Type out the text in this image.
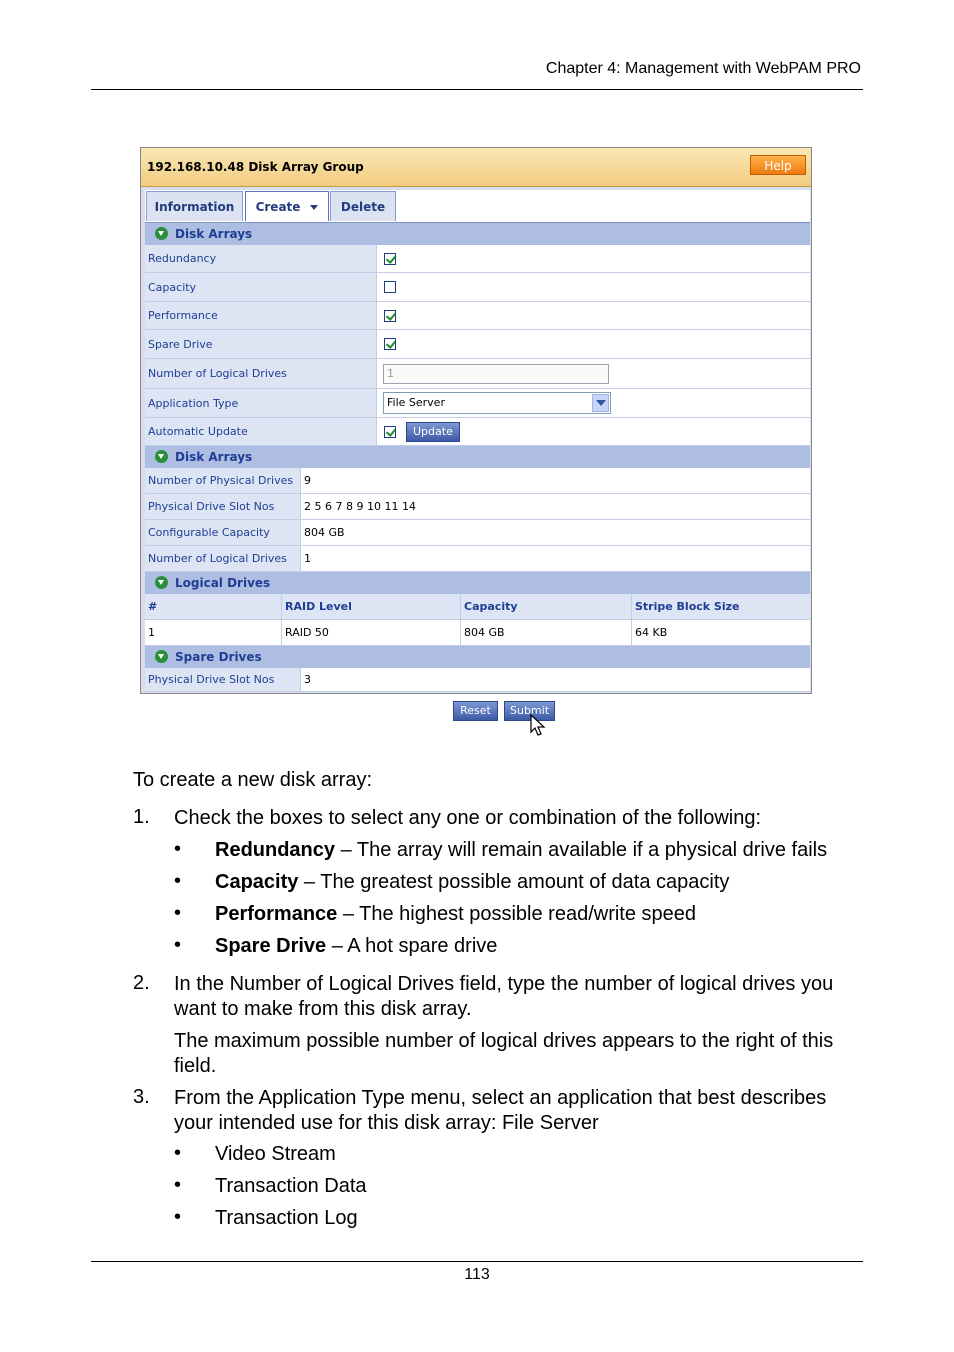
Chapter 4: Management with WebPAM PRO
192.168.10.48 Disk Array Group	Help
Information	Create	Delete
Disk Arrays
Redundancy
Capacity
Performance
Spare Drive
Number of Logical Drives	1
Application Type	File Server
Automatic Update	Update
Disk Arrays
Number of Physical Drives 9
Physical Drive Slot Nos	2 5 6 7 8 9 10 11 14
Configurable Capacity	804 GB
Number of Logical Drives	1
Logical Drives
#	RAID Level	Capacity	Stripe Block Size
1	RAID 50	804 GB	64 KB
Spare Drives
Physical Drive Slot Nos	3
Reset	Submit
To create a new disk array:
1. Check the boxes to select any one or combination of the following:
• Redundancy – The array will remain available if a physical drive fails
• Capacity – The greatest possible amount of data capacity
• Performance – The highest possible read/write speed
• Spare Drive – A hot spare drive
2. In the Number of Logical Drives field, type the number of logical drives you
want to make from this disk array.
The maximum possible number of logical drives appears to the right of this
field.
3. From the Application Type menu, select an application that best describes
your intended use for this disk array: File Server
• Video Stream
• Transaction Data
• Transaction Log
113
